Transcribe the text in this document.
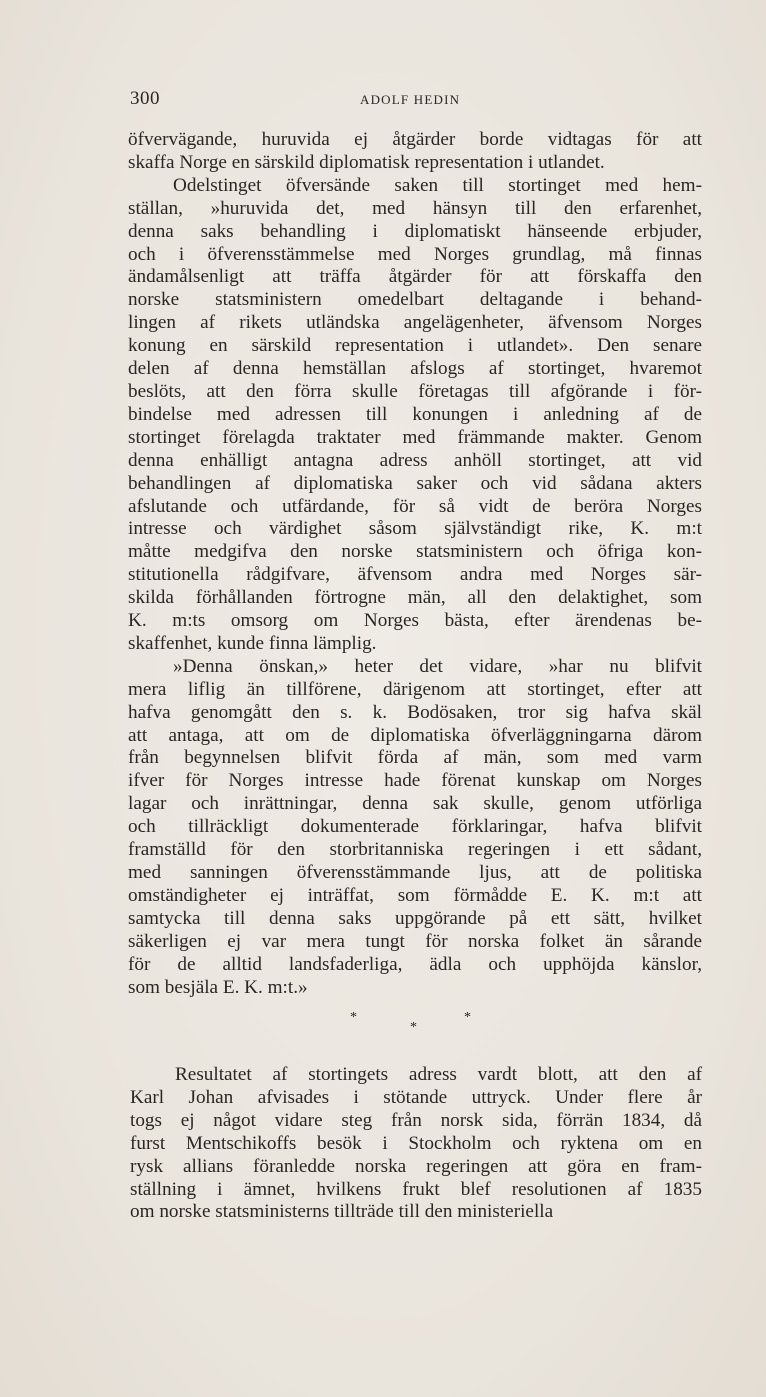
300	ADOLF HEDIN
öfvervägande, huruvida ej åtgärder borde vidtagas för att
skaffa Norge en särskild diplomatisk representation i utlandet.
Odelstinget öfversände saken till stortinget med hem-
ställan, »huruvida det, med hänsyn till den erfarenhet,
denna saks behandling i diplomatiskt hänseende erbjuder,
och i öfverensstämmelse med Norges grundlag, må finnas
ändamålsenligt att träffa åtgärder för att förskaffa den
norske statsministern omedelbart deltagande i behand-
lingen af rikets utländska angelägenheter, äfvensom Norges
konung en särskild representation i utlandet». Den senare
delen af denna hemställan afslogs af stortinget, hvaremot
beslöts, att den förra skulle företagas till afgörande i för-
bindelse med adressen till konungen i anledning af de
stortinget förelagda traktater med främmande makter. Genom
denna enhälligt antagna adress anhöll stortinget, att vid
behandlingen af diplomatiska saker och vid sådana akters
afslutande och utfärdande, för så vidt de beröra Norges
intresse och värdighet såsom självständigt rike, K. m:t
måtte medgifva den norske statsministern och öfriga kon-
stitutionella rådgifvare, äfvensom andra med Norges sär-
skilda förhållanden förtrogne män, all den delaktighet, som
K. m:ts omsorg om Norges bästa, efter ärendenas be-
skaffenhet, kunde finna lämplig.
»Denna önskan,» heter det vidare, »har nu blifvit
mera liflig än tillförene, därigenom att stortinget, efter att
hafva genomgått den s. k. Bodösaken, tror sig hafva skäl
att antaga, att om de diplomatiska öfverläggningarna därom
från begynnelsen blifvit förda af män, som med varm
ifver för Norges intresse hade förenat kunskap om Norges
lagar och inrättningar, denna sak skulle, genom utförliga
och tillräckligt dokumenterade förklaringar, hafva blifvit
framställd för den storbritanniska regeringen i ett sådant,
med sanningen öfverensstämmande ljus, att de politiska
omständigheter ej inträffat, som förmådde E. K. m:t att
samtycka till denna saks uppgörande på ett sätt, hvilket
säkerligen ej var mera tungt för norska folket än sårande
för de alltid landsfaderliga, ädla och upphöjda känslor,
som besjäla E. K. m:t.»
*
*
*
Resultatet af stortingets adress vardt blott, att den af
Karl Johan afvisades i stötande uttryck. Under flere år
togs ej något vidare steg från norsk sida, förrän 1834, då
furst Mentschikoffs besök i Stockholm och ryktena om en
rysk allians föranledde norska regeringen att göra en fram-
ställning i ämnet, hvilkens frukt blef resolutionen af 1835
om norske statsministerns tillträde till den ministeriella
